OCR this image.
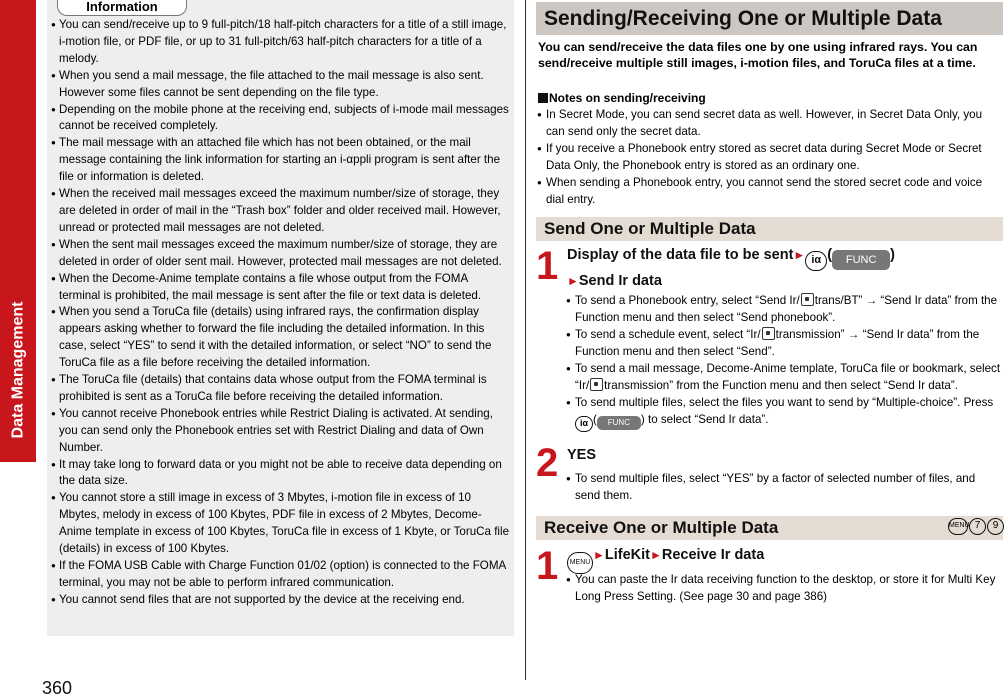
Data Management
360
Information
● You can send/receive up to 9 full-pitch/18 half-pitch characters for a title of a still image, i-motion file, or PDF file, or up to 31 full-pitch/63 half-pitch characters for a title of a melody.
● When you send a mail message, the file attached to the mail message is also sent. However some files cannot be sent depending on the file type.
● Depending on the mobile phone at the receiving end, subjects of i-mode mail messages cannot be received completely.
● The mail message with an attached file which has not been obtained, or the mail message containing the link information for starting an i-αppli program is sent after the file or information is deleted.
● When the received mail messages exceed the maximum number/size of storage, they are deleted in order of mail in the “Trash box” folder and older received mail. However, unread or protected mail messages are not deleted.
● When the sent mail messages exceed the maximum number/size of storage, they are deleted in order of older sent mail. However, protected mail messages are not deleted.
● When the Decome-Anime template contains a file whose output from the FOMA terminal is prohibited, the mail message is sent after the file or text data is deleted.
● When you send a ToruCa file (details) using infrared rays, the confirmation display appears asking whether to forward the file including the detailed information. In this case, select “YES” to send it with the detailed information, or select “NO” to send the ToruCa file as a file before receiving the detailed information.
● The ToruCa file (details) that contains data whose output from the FOMA terminal is prohibited is sent as a ToruCa file before receiving the detailed information.
● You cannot receive Phonebook entries while Restrict Dialing is activated. At sending, you can send only the Phonebook entries set with Restrict Dialing and data of Own Number.
● It may take long to forward data or you might not be able to receive data depending on the data size.
● You cannot store a still image in excess of 3 Mbytes, i-motion file in excess of 10 Mbytes, melody in excess of 100 Kbytes, PDF file in excess of 2 Mbytes, Decome-Anime template in excess of 100 Kbytes, ToruCa file in excess of 1 Kbyte, or ToruCa file (details) in excess of 100 Kbytes.
● If the FOMA USB Cable with Charge Function 01/02 (option) is connected to the FOMA terminal, you may not be able to perform infrared communication.
● You cannot send files that are not supported by the device at the receiving end.
Sending/Receiving One or Multiple Data
You can send/receive the data files one by one using infrared rays. You can send/receive multiple still images, i-motion files, and ToruCa files at a time.
Notes on sending/receiving
● In Secret Mode, you can send secret data as well. However, in Secret Data Only, you can send only the secret data.
● If you receive a Phonebook entry stored as secret data during Secret Mode or Secret Data Only, the Phonebook entry is stored as an ordinary one.
● When sending a Phonebook entry, you cannot send the stored secret code and voice dial entry.
Send One or Multiple Data
1 Display of the data file to be sent► iα ( FUNC )
►Send Ir data
● To send a Phonebook entry, select “Send Ir/ trans/BT” → “Send Ir data” from the Function menu and then select “Send phonebook”.
● To send a schedule event, select “Ir/ transmission” → “Send Ir data” from the Function menu and then select “Send”.
● To send a mail message, Decome-Anime template, ToruCa file or bookmark, select “Ir/ transmission” from the Function menu and then select “Send Ir data”.
● To send multiple files, select the files you want to send by “Multiple-choice”. Press iα ( FUNC ) to select “Send Ir data”.
2 YES
● To send multiple files, select “YES” by a factor of selected number of files, and send them.
Receive One or Multiple Data	MENU 7	9
1	MENU►LifeKit►Receive Ir data
● You can paste the Ir data receiving function to the desktop, or store it for Multi Key Long Press Setting. (See page 30 and page 386)
